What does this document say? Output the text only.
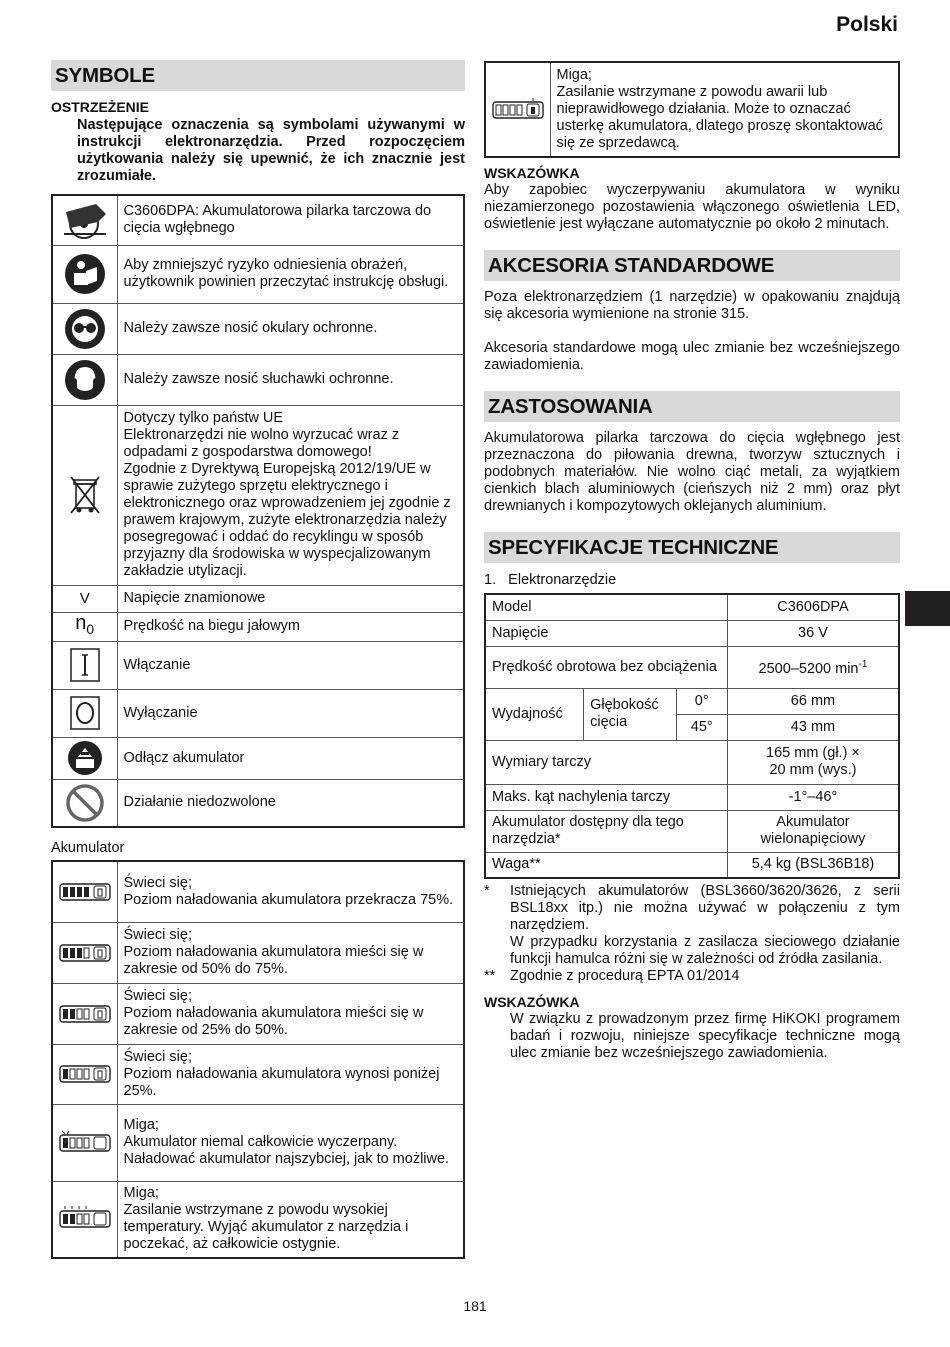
Polski
SYMBOLE
OSTRZEŻENIE

Następujące oznaczenia są symbolami używanymi w instrukcji elektronarzędzia. Przed rozpoczęciem użytkowania należy się upewnić, że ich znacznie jest zrozumiałe.

	C3606DPA: Akumulatorowa pilarka tarczowa do cięcia wgłębnego
	Aby zmniejszyć ryzyko odniesienia obrażeń, użytkownik powinien przeczytać instrukcję obsługi.
	Należy zawsze nosić okulary ochronne.
	Należy zawsze nosić słuchawki ochronne.
	Dotyczy tylko państw UE
Elektronarzędzi nie wolno wyrzucać wraz z odpadami z gospodarstwa domowego!
Zgodnie z Dyrektywą Europejską 2012/19/UE w sprawie zużytego sprzętu elektrycznego i elektronicznego oraz wprowadzeniem jej zgodnie z prawem krajowym, zużyte elektronarzędzia należy posegregować i oddać do recyklingu w sposób przyjazny dla środowiska w wyspecjalizowanym zakładzie utylizacji.
V	Napięcie znamionowe
$n_0$	Prędkość na biegu jałowym
	Włączanie
	Wyłączanie
	Odłącz akumulator
	Działanie niedozwolone
Akumulator
	Świeci się;
Poziom naładowania akumulatora przekracza 75%.
	Świeci się;
Poziom naładowania akumulatora mieści się w zakresie od 50% do 75%.
	Świeci się;
Poziom naładowania akumulatora mieści się w zakresie od 25% do 50%.
	Świeci się;
Poziom naładowania akumulatora wynosi poniżej 25%.
	Miga;
Akumulator niemal całkowicie wyczerpany. Naładować akumulator najszybciej, jak to możliwe.
	Miga;
Zasilanie wstrzymane z powodu wysokiej temperatury. Wyjąć akumulator z narzędzia i poczekać, aż całkowicie ostygnie.
	Miga;
Zasilanie wstrzymane z powodu awarii lub nieprawidłowego działania. Może to oznaczać usterkę akumulatora, dlatego proszę skontaktować się ze sprzedawcą.
WSKAZÓWKA

Aby zapobiec wyczerpywaniu akumulatora w wyniku niezamierzonego pozostawienia włączonego oświetlenia LED, oświetlenie jest wyłączane automatycznie po około 2 minutach.

AKCESORIA STANDARDOWE

Poza elektronarzędziem (1 narzędzie) w opakowaniu znajdują się akcesoria wymienione na stronie 315.

Akcesoria standardowe mogą ulec zmianie bez wcześniejszego zawiadomienia.

ZASTOSOWANIA

Akumulatorowa pilarka tarczowa do cięcia wgłębnego jest przeznaczona do piłowania drewna, tworzyw sztucznych i podobnych materiałów. Nie wolno ciąć metali, za wyjątkiem cienkich blach aluminiowych (cieńszych niż 2 mm) oraz płyt drewnianych i kompozytowych oklejanych aluminium.

SPECYFIKACJE TECHNICZNE
1.   Elektronarzędzie
Model			C3606DPA
Napięcie			36 V
Prędkość obrotowa bez obciążenia			2500–5200 $\min^{-1}$
Wydajność	Głębokość cięcia	0°	66 mm
		45°	43 mm
Wymiary tarczy			165 mm (gł.) ×
20 mm (wys.)

Maks. kąt nachylenia tarczy			-1°–46°
Akumulator dostępny dla tego narzędzia*			Akumulator wielonapięciowy
Waga**			5,4 kg (BSL36B18)
*	Istniejących akumulatorów (BSL3660/3620/3626, z serii BSL18xx itp.) nie można używać w połączeniu z tym narzędziem.
W przypadku korzystania z zasilacza sieciowego działanie funkcji hamulca różni się w zależności od źródła zasilania.
**	Zgodnie z procedurą EPTA 01/2014
WSKAZÓWKA

W związku z prowadzonym przez firmę HiKOKI programem badań i rozwoju, niniejsze specyfikacje techniczne mogą ulec zmianie bez wcześniejszego zawiadomienia.

181
